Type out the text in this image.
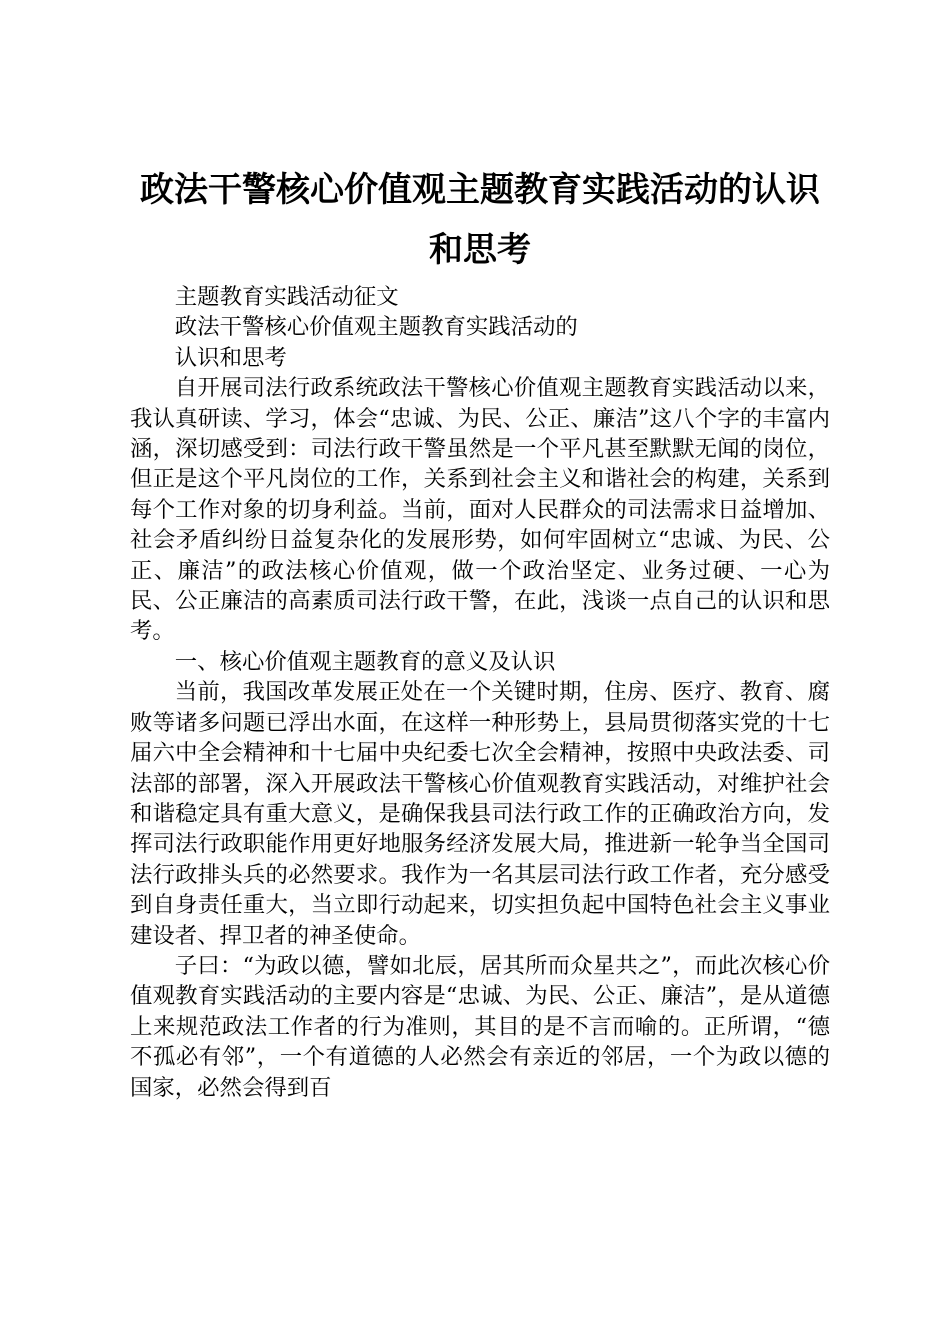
政法干警核心价值观主题教育实践活动的认识
和思考

主题教育实践活动征文

政法干警核心价值观主题教育实践活动的

认识和思考

自开展司法行政系统政法干警核心价值观主题教育实践活动以来，我认真研读、学习，体会“忠诚、为民、公正、廉洁”这八个字的丰富内涵，深切感受到：司法行政干警虽然是一个平凡甚至默默无闻的岗位，但正是这个平凡岗位的工作，关系到社会主义和谐社会的构建，关系到每个工作对象的切身利益。当前，面对人民群众的司法需求日益增加、社会矛盾纠纷日益复杂化的发展形势，如何牢固树立“忠诚、为民、公正、廉洁”的政法核心价值观，做一个政治坚定、业务过硬、一心为民、公正廉洁的高素质司法行政干警，在此，浅谈一点自己的认识和思考。

一、核心价值观主题教育的意义及认识

当前，我国改革发展正处在一个关键时期，住房、医疗、教育、腐败等诸多问题已浮出水面，在这样一种形势上，县局贯彻落实党的十七届六中全会精神和十七届中央纪委七次全会精神，按照中央政法委、司法部的部署，深入开展政法干警核心价值观教育实践活动，对维护社会和谐稳定具有重大意义，是确保我县司法行政工作的正确政治方向，发挥司法行政职能作用更好地服务经济发展大局，推进新一轮争当全国司法行政排头兵的必然要求。我作为一名其层司法行政工作者，充分感受到自身责任重大，当立即行动起来，切实担负起中国特色社会主义事业建设者、捍卫者的神圣使命。

子曰：“为政以德，譬如北辰，居其所而众星共之”，而此次核心价值观教育实践活动的主要内容是“忠诚、为民、公正、廉洁”，是从道德上来规范政法工作者的行为准则，其目的是不言而喻的。正所谓，“德不孤必有邻”，一个有道德的人必然会有亲近的邻居，一个为政以德的国家，必然会得到百
